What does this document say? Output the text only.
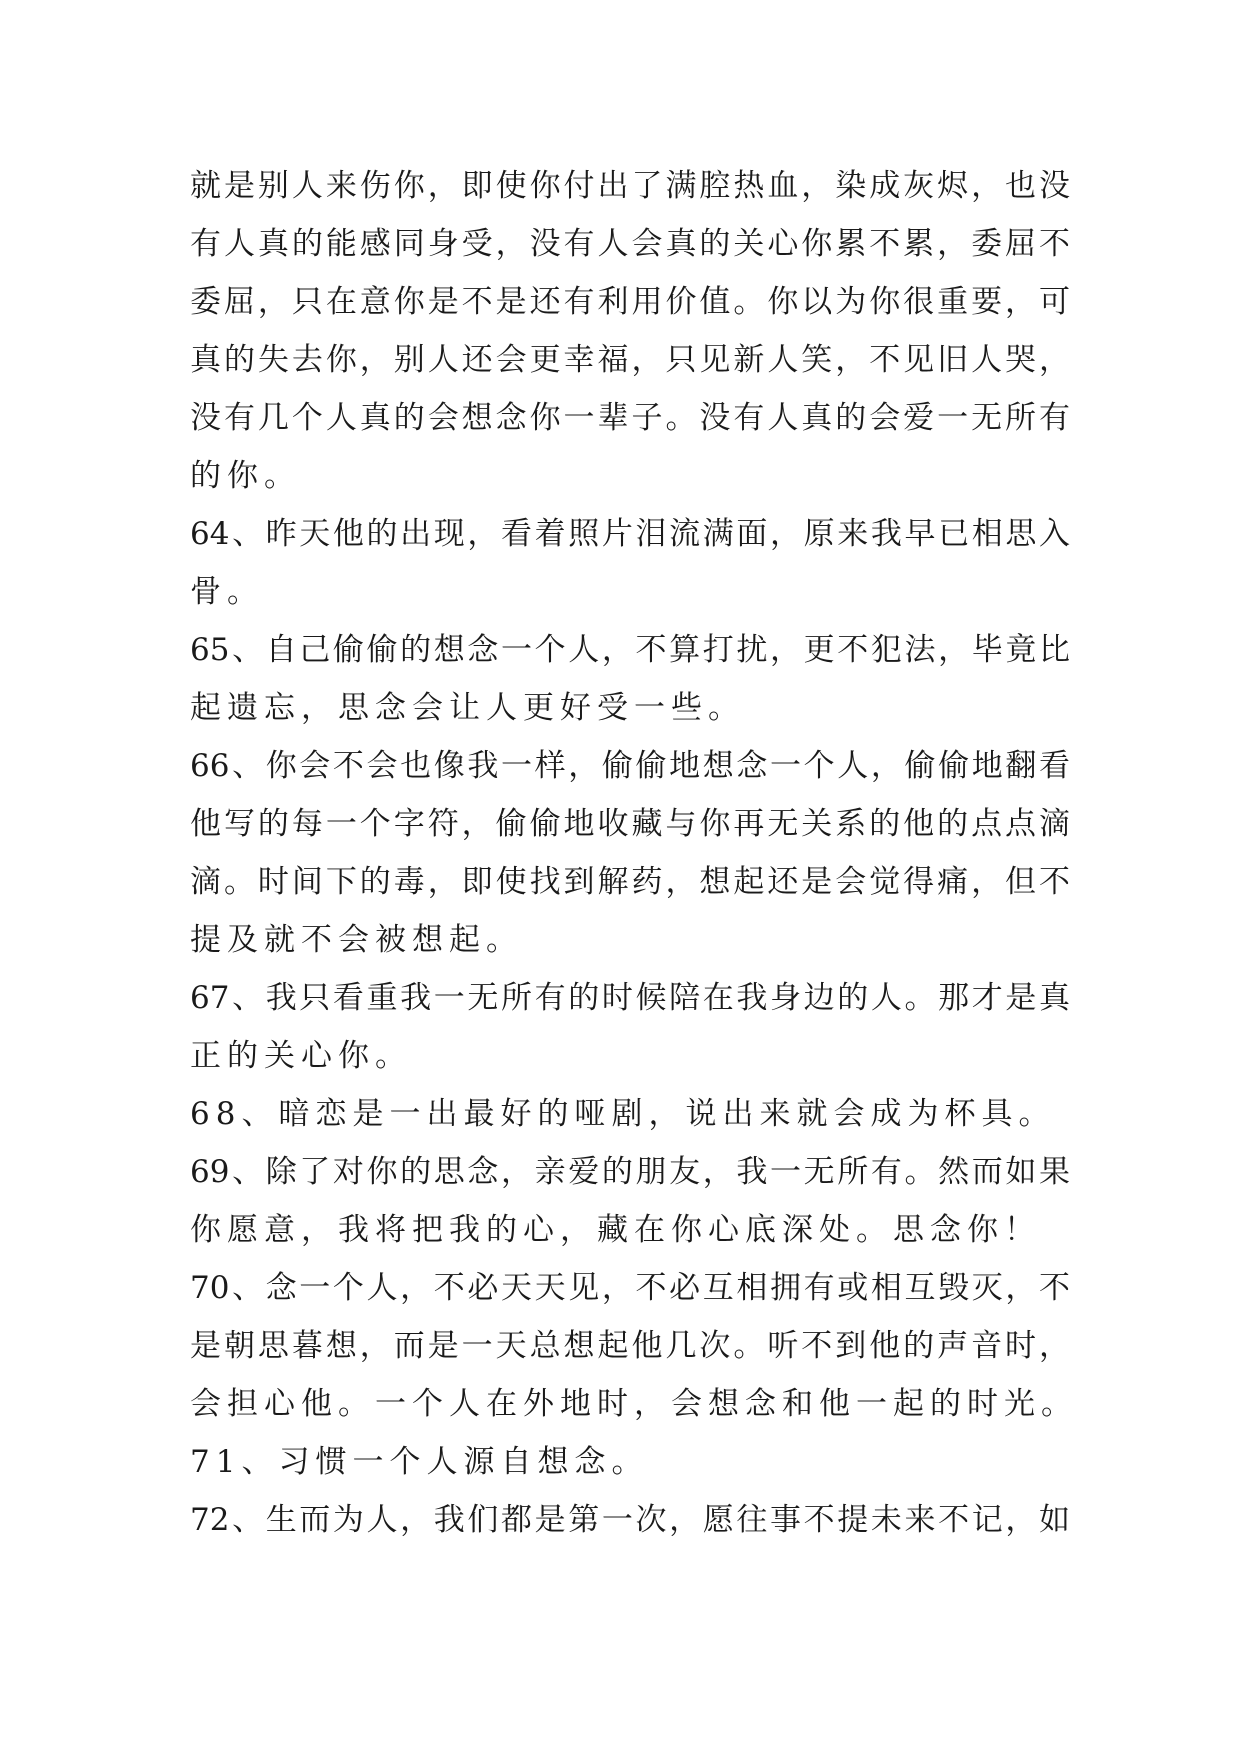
就是别人来伤你，即使你付出了满腔热血，染成灰烬，也没
有人真的能感同身受，没有人会真的关心你累不累，委屈不
委屈，只在意你是不是还有利用价值。你以为你很重要，可
真的失去你，别人还会更幸福，只见新人笑，不见旧人哭，
没有几个人真的会想念你一辈子。没有人真的会爱一无所有
的你。
64、昨天他的出现，看着照片泪流满面，原来我早已相思入
骨。
65、自己偷偷的想念一个人，不算打扰，更不犯法，毕竟比
起遗忘，思念会让人更好受一些。
66、你会不会也像我一样，偷偷地想念一个人，偷偷地翻看
他写的每一个字符，偷偷地收藏与你再无关系的他的点点滴
滴。时间下的毒，即使找到解药，想起还是会觉得痛，但不
提及就不会被想起。
67、我只看重我一无所有的时候陪在我身边的人。那才是真
正的关心你。
68、暗恋是一出最好的哑剧，说出来就会成为杯具。
69、除了对你的思念，亲爱的朋友，我一无所有。然而如果
你愿意，我将把我的心，藏在你心底深处。思念你！
70、念一个人，不必天天见，不必互相拥有或相互毁灭，不
是朝思暮想，而是一天总想起他几次。听不到他的声音时，
会担心他。一个人在外地时，会想念和他一起的时光。
71、习惯一个人源自想念。
72、生而为人，我们都是第一次，愿往事不提未来不记，如
